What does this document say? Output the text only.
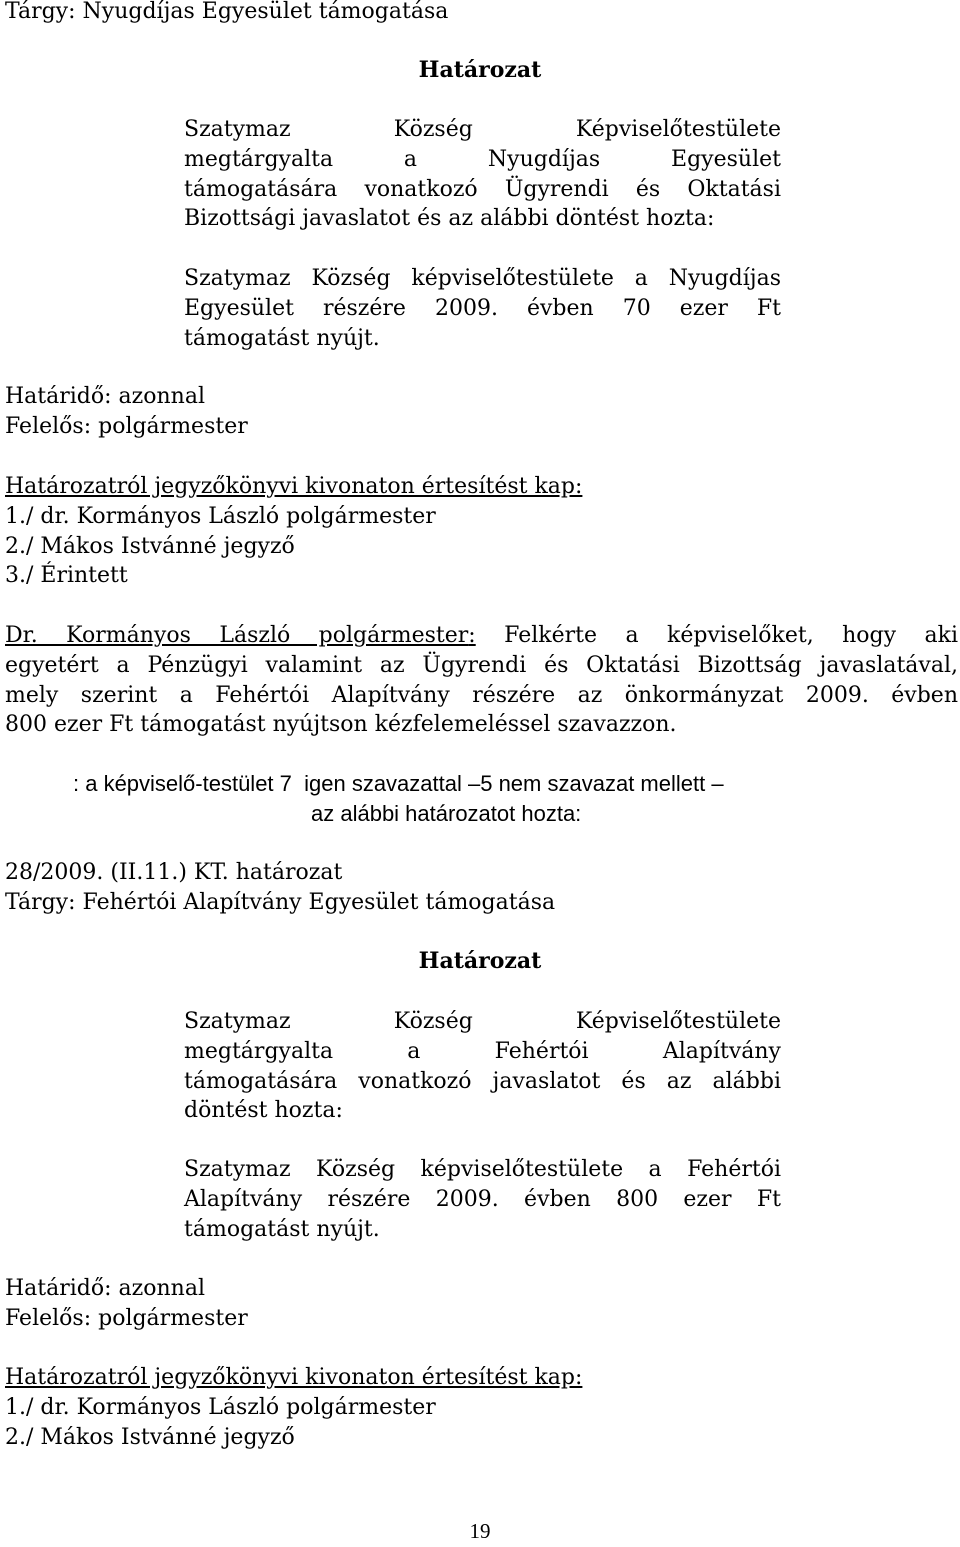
Tárgy: Nyugdíjas Egyesület támogatása
Határozat
Szatymaz Község Képviselőtestülete
megtárgyalta a Nyugdíjas Egyesület
támogatására vonatkozó Ügyrendi és Oktatási
Bizottsági javaslatot és az alábbi döntést hozta:
Szatymaz Község képviselőtestülete a Nyugdíjas
Egyesület részére 2009. évben 70 ezer Ft
támogatást nyújt.
Határidő: azonnal
Felelős: polgármester
Határozatról jegyzőkönyvi kivonaton értesítést kap:
1./ dr. Kormányos László polgármester
2./ Mákos Istvánné jegyző
3./ Érintett
Dr. Kormányos László polgármester: Felkérte a képviselőket, hogy aki
egyetért a Pénzügyi valamint az Ügyrendi és Oktatási Bizottság javaslatával,
mely szerint a Fehértói Alapítvány részére az önkormányzat 2009. évben
800 ezer Ft támogatást nyújtson kézfelemeléssel szavazzon.
: a képviselő-testület 7  igen szavazattal –5 nem szavazat mellett –
az alábbi határozatot hozta:
28/2009. (II.11.) KT. határozat
Tárgy: Fehértói Alapítvány Egyesület támogatása
Határozat
Szatymaz Község Képviselőtestülete
megtárgyalta a Fehértói Alapítvány
támogatására vonatkozó javaslatot és az alábbi
döntést hozta:
Szatymaz Község képviselőtestülete a Fehértói
Alapítvány részére 2009. évben 800 ezer Ft
támogatást nyújt.
Határidő: azonnal
Felelős: polgármester
Határozatról jegyzőkönyvi kivonaton értesítést kap:
1./ dr. Kormányos László polgármester
2./ Mákos Istvánné jegyző
19
